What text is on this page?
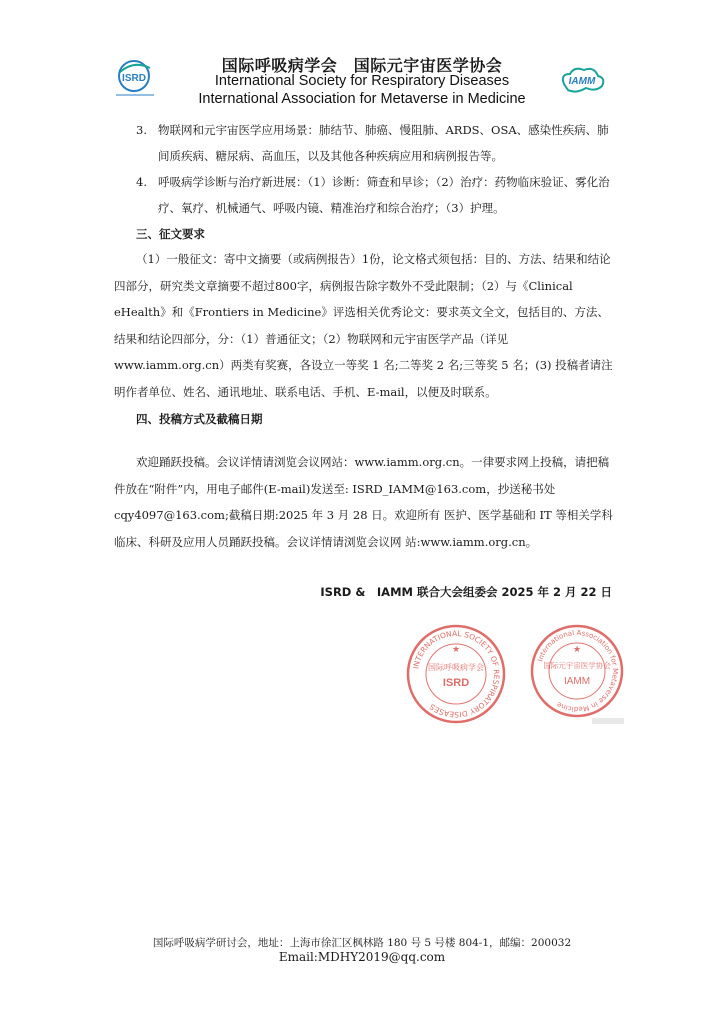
ISRD
国际呼吸病学会　国际元宇宙医学协会
International Society for Respiratory Diseases
International Association for Metaverse in Medicine
IAMM
3. 物联网和元宇宙医学应用场景：肺结节、肺癌、慢阻肺、ARDS、OSA、感染性疾病、肺间质疾病、糖尿病、高血压，以及其他各种疾病应用和病例报告等。
4. 呼吸病学诊断与治疗新进展：（1）诊断：筛查和早诊；（2）治疗：药物临床验证、雾化治疗、氧疗、机械通气、呼吸内镜、精准治疗和综合治疗；（3）护理。
三、征文要求
（1）一般征文：寄中文摘要（或病例报告）1份，论文格式须包括：目的、方法、结果和结论四部分，研究类文章摘要不超过800字，病例报告除字数外不受此限制；（2）与《Clinical eHealth》和《Frontiers in Medicine》评选相关优秀论文：要求英文全文，包括目的、方法、结果和结论四部分，分：（1）普通征文；（2）物联网和元宇宙医学产品（详见www.iamm.org.cn）两类有奖赛，各设立一等奖 1 名;二等奖 2 名;三等奖 5 名；(3) 投稿者请注明作者单位、姓名、通讯地址、联系电话、手机、E-mail，以便及时联系。
四、投稿方式及截稿日期
欢迎踊跃投稿。会议详情请浏览会议网站：www.iamm.org.cn。一律要求网上投稿，请把稿件放在“附件”内，用电子邮件(E-mail)发送至: ISRD_IAMM@163.com，抄送秘书处cqy4097@163.com;截稿日期:2025 年 3 月 28 日。欢迎所有 医护、医学基础和 IT 等相关学科临床、科研及应用人员踊跃投稿。会议详情请浏览会议网 站:www.iamm.org.cn。
ISRD &　IAMM 联合大会组委会 2025 年 2 月 22 日
INTERNATIONAL SOCIETY OF RESPIRATORY DISEASES
国际呼吸病学会
ISRD
★
International Association for Metaverse in Medicine
国际元宇宙医学协会
IAMM
★
国际呼吸病学研讨会，地址：上海市徐汇区枫林路 180 号 5 号楼 804-1，邮编：200032
Email:MDHY2019@qq.com
